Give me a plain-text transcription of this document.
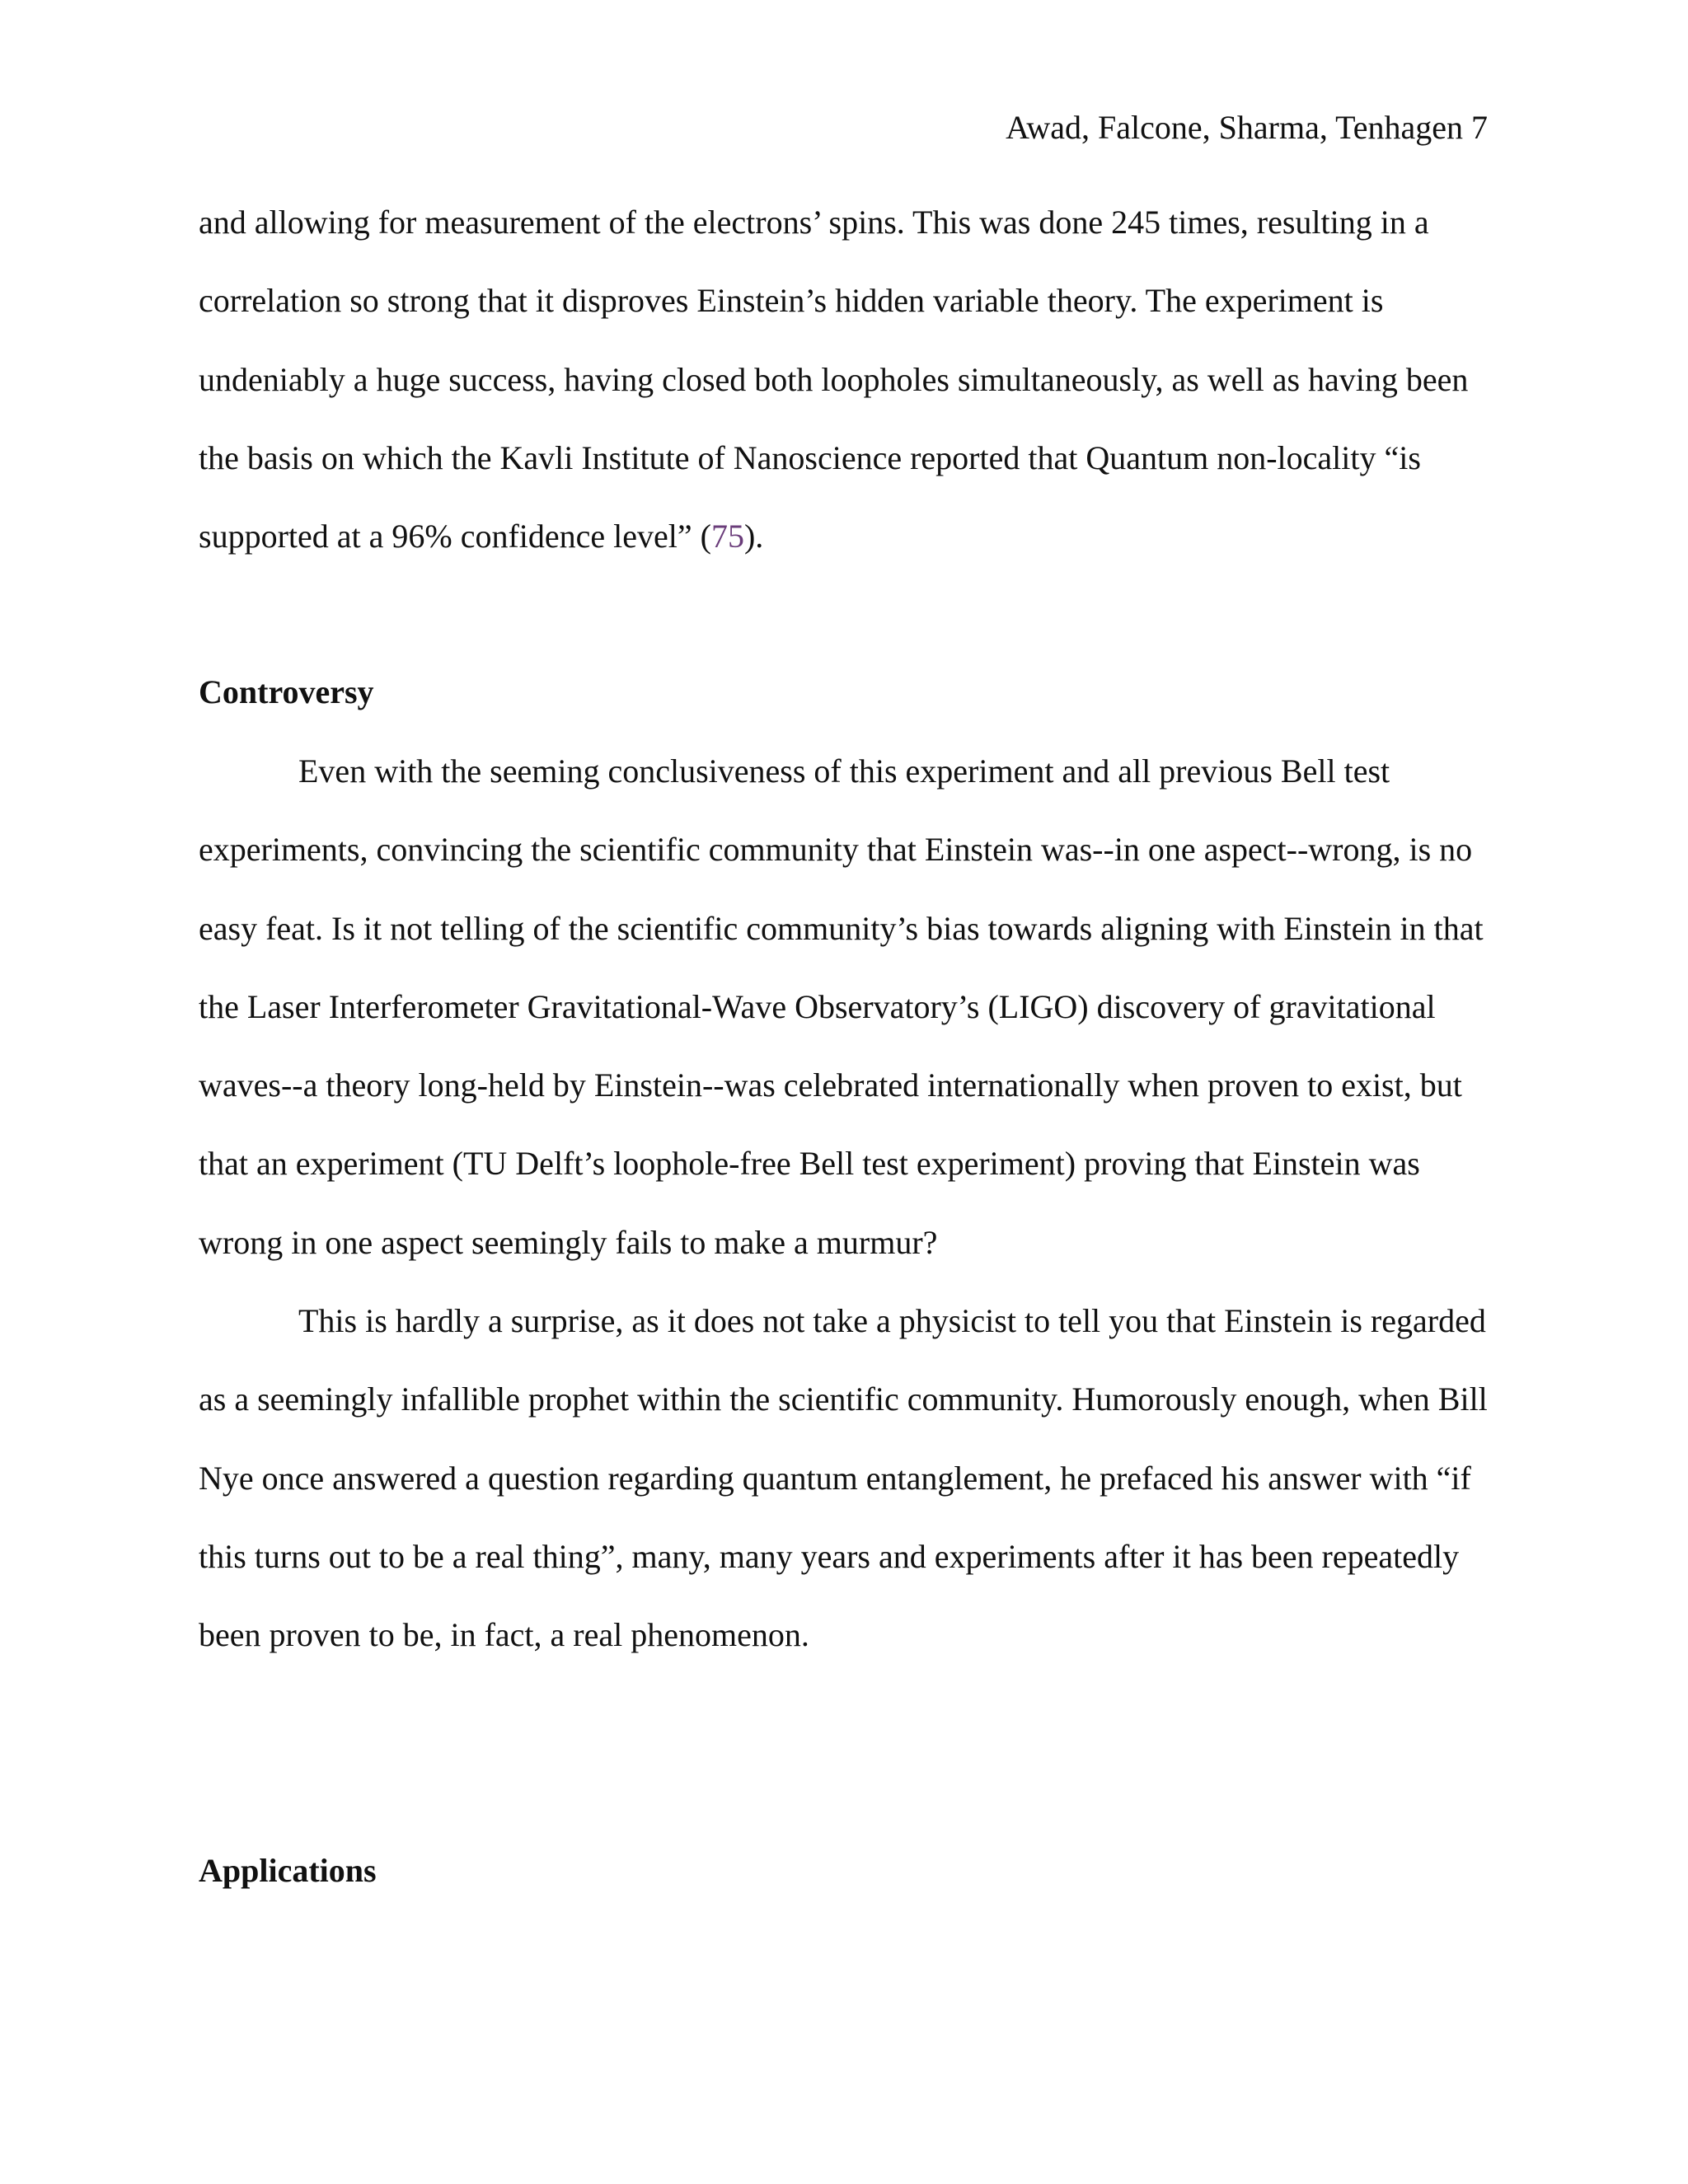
Awad, Falcone, Sharma, Tenhagen 7

and allowing for measurement of the electrons’ spins. This was done 245 times, resulting in a correlation so strong that it disproves Einstein’s hidden variable theory. The experiment is undeniably a huge success, having closed both loopholes simultaneously, as well as having been the basis on which the Kavli Institute of Nanoscience reported that Quantum non-locality “is supported at a 96% confidence level” (75).

Controversy

Even with the seeming conclusiveness of this experiment and all previous Bell test experiments, convincing the scientific community that Einstein was--in one aspect--wrong, is no easy feat. Is it not telling of the scientific community’s bias towards aligning with Einstein in that the Laser Interferometer Gravitational-Wave Observatory’s (LIGO) discovery of gravitational waves--a theory long-held by Einstein--was celebrated internationally when proven to exist, but that an experiment (TU Delft’s loophole-free Bell test experiment) proving that Einstein was wrong in one aspect seemingly fails to make a murmur?

This is hardly a surprise, as it does not take a physicist to tell you that Einstein is regarded as a seemingly infallible prophet within the scientific community. Humorously enough, when Bill Nye once answered a question regarding quantum entanglement, he prefaced his answer with “if this turns out to be a real thing”, many, many years and experiments after it has been repeatedly been proven to be, in fact, a real phenomenon.

Applications
